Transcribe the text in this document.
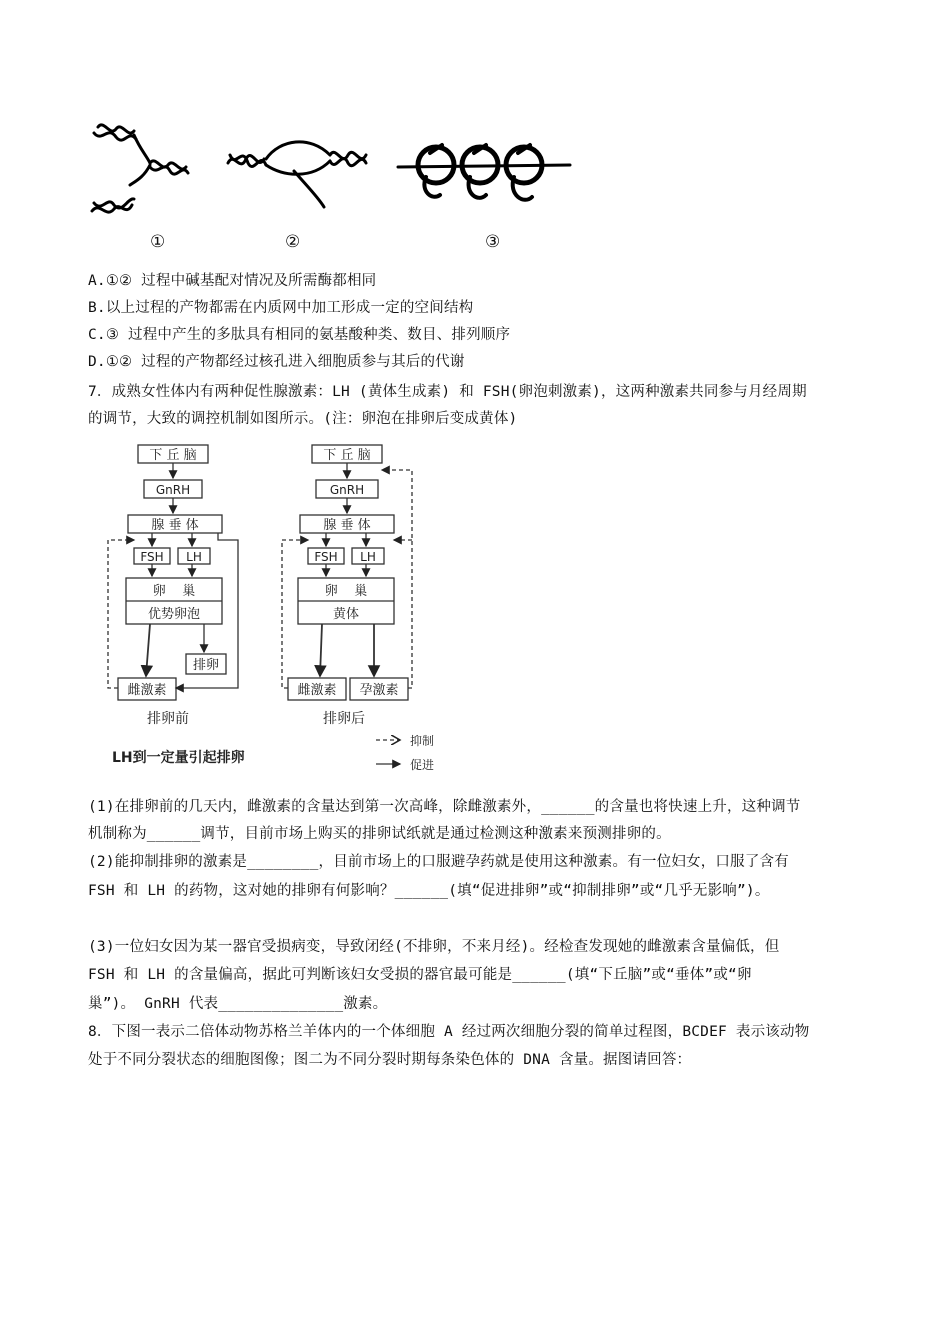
①	②	③
A.①② 过程中碱基配对情况及所需酶都相同
B.以上过程的产物都需在内质网中加工形成一定的空间结构
C.③ 过程中产生的多肽具有相同的氨基酸种类、数目、排列顺序
D.①② 过程的产物都经过核孔进入细胞质参与其后的代谢
7．成熟女性体内有两种促性腺激素：LH (黄体生成素) 和 FSH(卵泡刺激素)，这两种激素共同参与月经周期
的调节，大致的调控机制如图所示。(注：卵泡在排卵后变成黄体)
下 丘 脑
GnRH
腺 垂 体
FSH LH
卵    巢
优势卵泡
排卵
雌激素
排卵前
下 丘 脑
GnRH
腺 垂 体
FSH LH
卵    巢
黄体
雌激素 孕激素
排卵后
LH到一定量引起排卵
抑制
促进
(1)在排卵前的几天内，雌激素的含量达到第一次高峰，除雌激素外，______的含量也将快速上升，这种调节
机制称为______调节，目前市场上购买的排卵试纸就是通过检测这种激素来预测排卵的。
(2)能抑制排卵的激素是________，目前市场上的口服避孕药就是使用这种激素。有一位妇女，口服了含有
FSH 和 LH 的药物，这对她的排卵有何影响？______(填“促进排卵”或“抑制排卵”或“几乎无影响”)。
(3)一位妇女因为某一器官受损病变，导致闭经(不排卵，不来月经)。经检查发现她的雌激素含量偏低，但
FSH 和 LH 的含量偏高，据此可判断该妇女受损的器官最可能是______(填“下丘脑”或“垂体”或“卵
巢”)。 GnRH 代表______________激素。
8．下图一表示二倍体动物苏格兰羊体内的一个体细胞 A 经过两次细胞分裂的简单过程图，BCDEF 表示该动物
处于不同分裂状态的细胞图像；图二为不同分裂时期每条染色体的 DNA 含量。据图请回答：
